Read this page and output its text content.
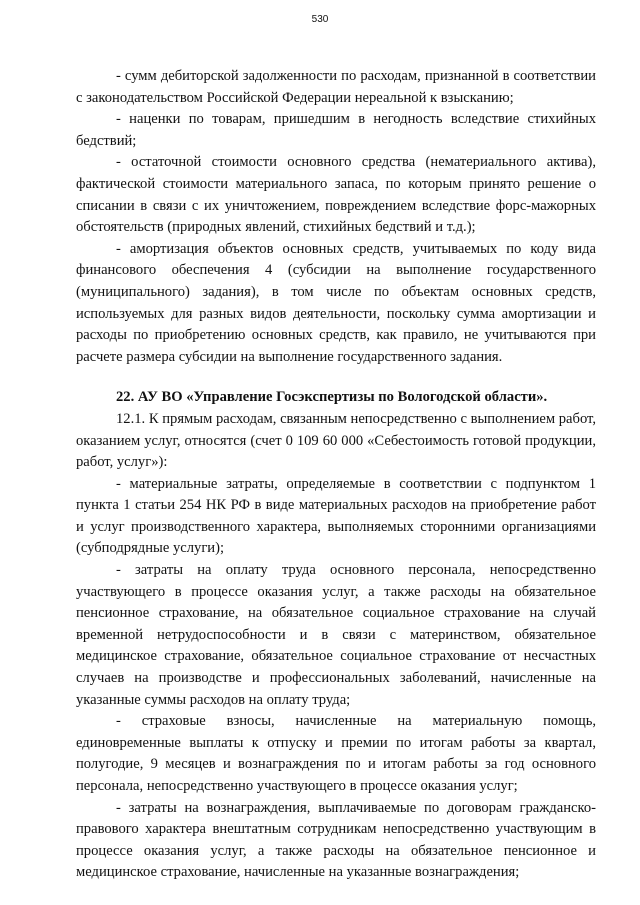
530

- сумм дебиторской задолженности по расходам, признанной в соответствии с законодательством Российской Федерации нереальной к взысканию;

- наценки по товарам, пришедшим в негодность вследствие стихийных бедствий;

- остаточной стоимости основного средства (нематериального актива), фактической стоимости материального запаса, по которым принято решение о списании в связи с их уничтожением, повреждением вследствие форс-мажорных обстоятельств (природных явлений, стихийных бедствий и т.д.);

- амортизация объектов основных средств, учитываемых по коду вида финансового обеспечения 4 (субсидии на выполнение государственного (муниципального) задания), в том числе по объектам основных средств, используемых для разных видов деятельности, поскольку сумма амортизации и расходы по приобретению основных средств, как правило, не учитываются при расчете размера субсидии на выполнение государственного задания.

22. АУ ВО «Управление Госэкспертизы по Вологодской области».

12.1. К прямым расходам, связанным непосредственно с выполнением работ, оказанием услуг, относятся (счет 0 109 60 000 «Себестоимость готовой продукции, работ, услуг»):

- материальные затраты, определяемые в соответствии с подпунктом 1 пункта 1 статьи 254 НК РФ в виде материальных расходов на приобретение работ и услуг производственного характера, выполняемых сторонними организациями (субподрядные услуги);

- затраты на оплату труда основного персонала, непосредственно участвующего в процессе оказания услуг, а также расходы на обязательное пенсионное страхование, на обязательное социальное страхование на случай временной нетрудоспособности и в связи с материнством, обязательное медицинское страхование, обязательное социальное страхование от несчастных случаев на производстве и профессиональных заболеваний, начисленные на указанные суммы расходов на оплату труда;

- страховые взносы, начисленные на материальную помощь, единовременные выплаты к отпуску и премии по итогам работы за квартал, полугодие, 9 месяцев и вознаграждения по и итогам работы за год основного персонала, непосредственно участвующего в процессе оказания услуг;

- затраты на вознаграждения, выплачиваемые по договорам гражданско-правового характера внештатным сотрудникам непосредственно участвующим в процессе оказания услуг, а также расходы на обязательное пенсионное и медицинское страхование, начисленные на указанные вознаграждения;
